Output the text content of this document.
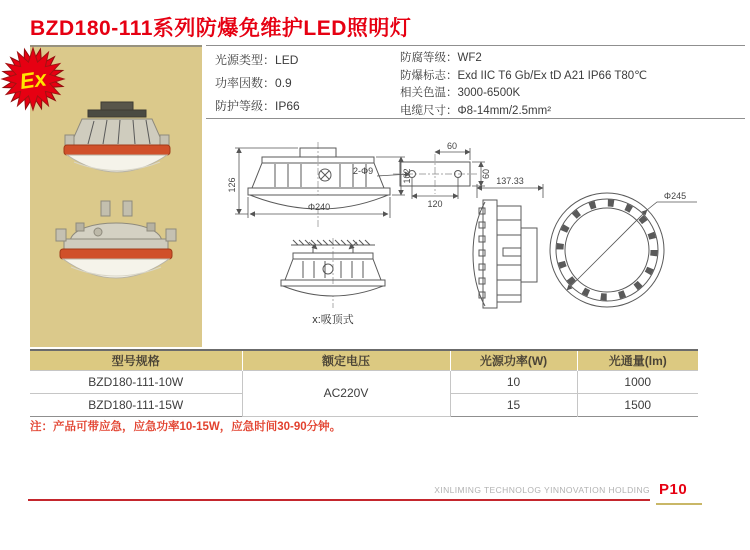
BZD180-111系列防爆免维护LED照明灯
Ex
光源类型：LED
功率因数：0.9
防护等级：IP66
防腐等级：WF2
防爆标志：Exd IIC T6 Gb/Ex tD A21 IP66 T80℃
相关色温：3000-6500K
电缆尺寸：Φ8-14mm/2.5mm²
126
102
Φ240
60
120
60
2-Φ9
x:吸顶式
137.33
Φ245
型号规格	额定电压	光源功率(W)	光通量(lm)
BZD180-111-10W	AC220V	10	1000
BZD180-111-15W		15	1500
注：产品可带应急，应急功率10-15W，应急时间30-90分钟。
XINLIMING TECHNOLOG YINNOVATION HOLDING P10
